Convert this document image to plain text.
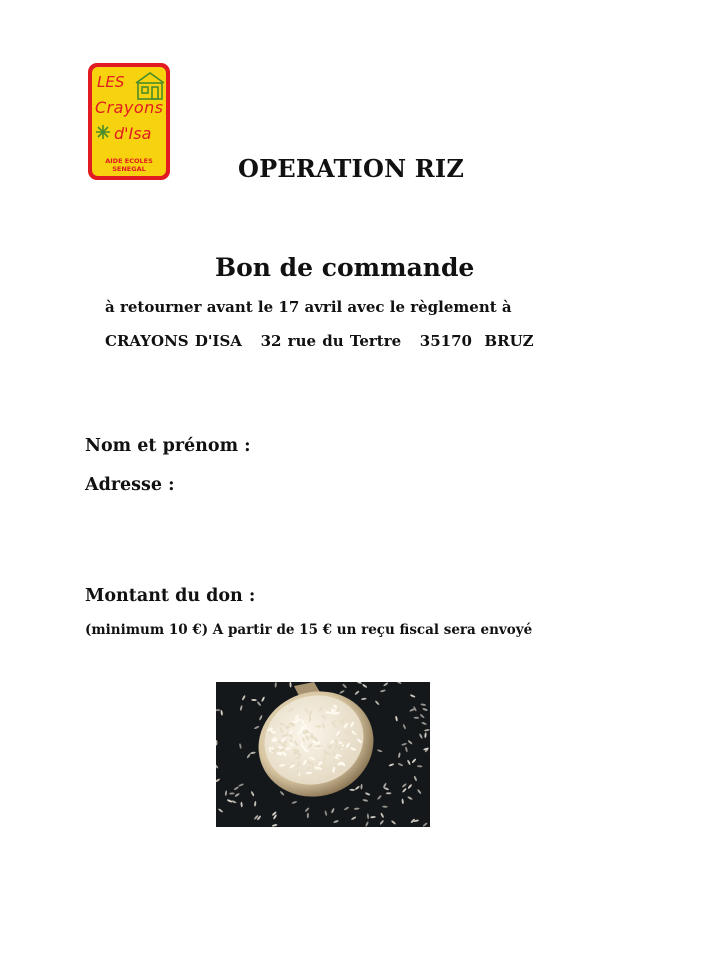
LES
Crayons
d'Isa
AIDE ECOLES
SENEGAL	OPERATION RIZ
Bon de commande

à retourner avant le 17 avril avec le règlement à

CRAYONS D'ISA   32 rue du Tertre   35170  BRUZ

Nom et prénom :

Adresse :

Montant du don :

(minimum 10 €) A partir de 15 € un reçu fiscal sera envoyé
